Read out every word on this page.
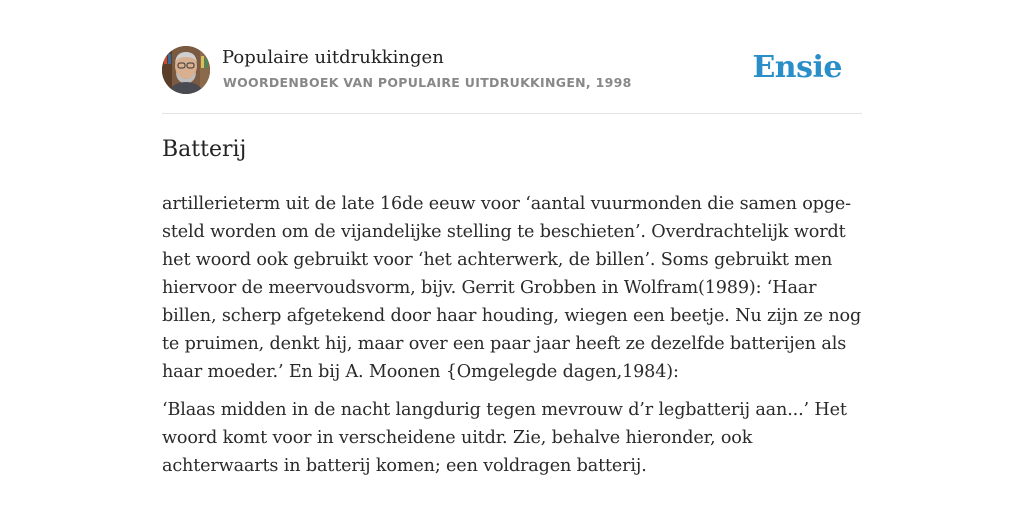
Populaire uitdrukkingen
WOORDENBOEK VAN POPULAIRE UITDRUKKINGEN, 1998	Ensie
Batterij

artillerieterm uit de late 16de eeuw voor ‘aantal vuurmonden die samen opge-steld worden om de vijandelijke stelling te beschieten’. Overdrachtelijk wordt het woord ook gebruikt voor ‘het achterwerk, de billen’. Soms gebruikt men hiervoor de meervoudsvorm, bijv. Gerrit Grobben in Wolfram(1989): ‘Haar billen, scherp afgetekend door haar houding, wiegen een beetje. Nu zijn ze nog te pruimen, denkt hij, maar over een paar jaar heeft ze dezelfde batterijen als haar moeder.’ En bij A. Moonen {Omgelegde dagen,1984):

‘Blaas midden in de nacht langdurig tegen mevrouw d’r legbatterij aan...’ Het woord komt voor in verscheidene uitdr. Zie, behalve hieronder, ook achterwaarts in batterij komen; een voldragen batterij.
